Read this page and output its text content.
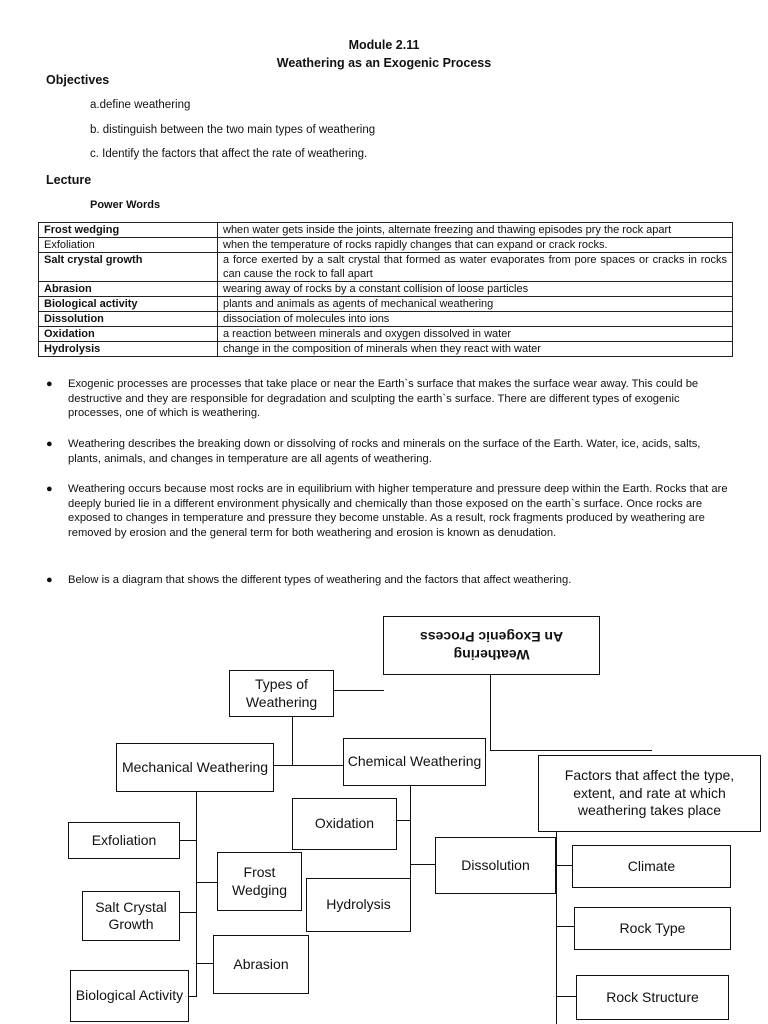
Module 2.11
Weathering as an Exogenic Process
Objectives
a.define weathering
b. distinguish between the two main types of weathering
c. Identify the factors that affect the rate of weathering.
Lecture
Power Words
Frost wedging	when water gets inside the joints, alternate freezing and thawing episodes pry the rock apart
Exfoliation	when the temperature of rocks rapidly changes that can expand or crack rocks.
Salt crystal growth	a force exerted by a salt crystal that formed as water evaporates from pore spaces or cracks in rocks can cause the rock to fall apart
Abrasion	wearing away of rocks by a constant collision of loose particles
Biological activity	plants and animals as agents of mechanical weathering
Dissolution	dissociation of molecules into ions
Oxidation	a reaction between minerals and oxygen dissolved in water
Hydrolysis	change in the composition of minerals when they react with water
● Exogenic processes are processes that take place or near the Earth`s surface that makes the surface wear away. This could be destructive and they are responsible for degradation and sculpting the earth`s surface. There are different types of exogenic processes, one of which is weathering.
● Weathering describes the breaking down or dissolving of rocks and minerals on the surface of the Earth. Water, ice, acids, salts, plants, animals, and changes in temperature are all agents of weathering.
● Weathering occurs because most rocks are in equilibrium with higher temperature and pressure deep within the Earth. Rocks that are deeply buried lie in a different environment physically and chemically than those exposed on the earth`s surface. Once rocks are exposed to changes in temperature and pressure they become unstable. As a result, rock fragments produced by weathering are removed by erosion and the general term for both weathering and erosion is known as denudation.
● Below is a diagram that shows the different types of weathering and the factors that affect weathering.
Weathering
An Exogenic Process
Types of Weathering
Mechanical Weathering	Chemical Weathering
Factors that affect the type, extent, and rate at which weathering takes place
Exfoliation
Frost Wedging
Salt Crystal Growth
Abrasion
Biological Activity
Oxidation
Dissolution
Hydrolysis
Climate
Rock Type
Rock Structure
